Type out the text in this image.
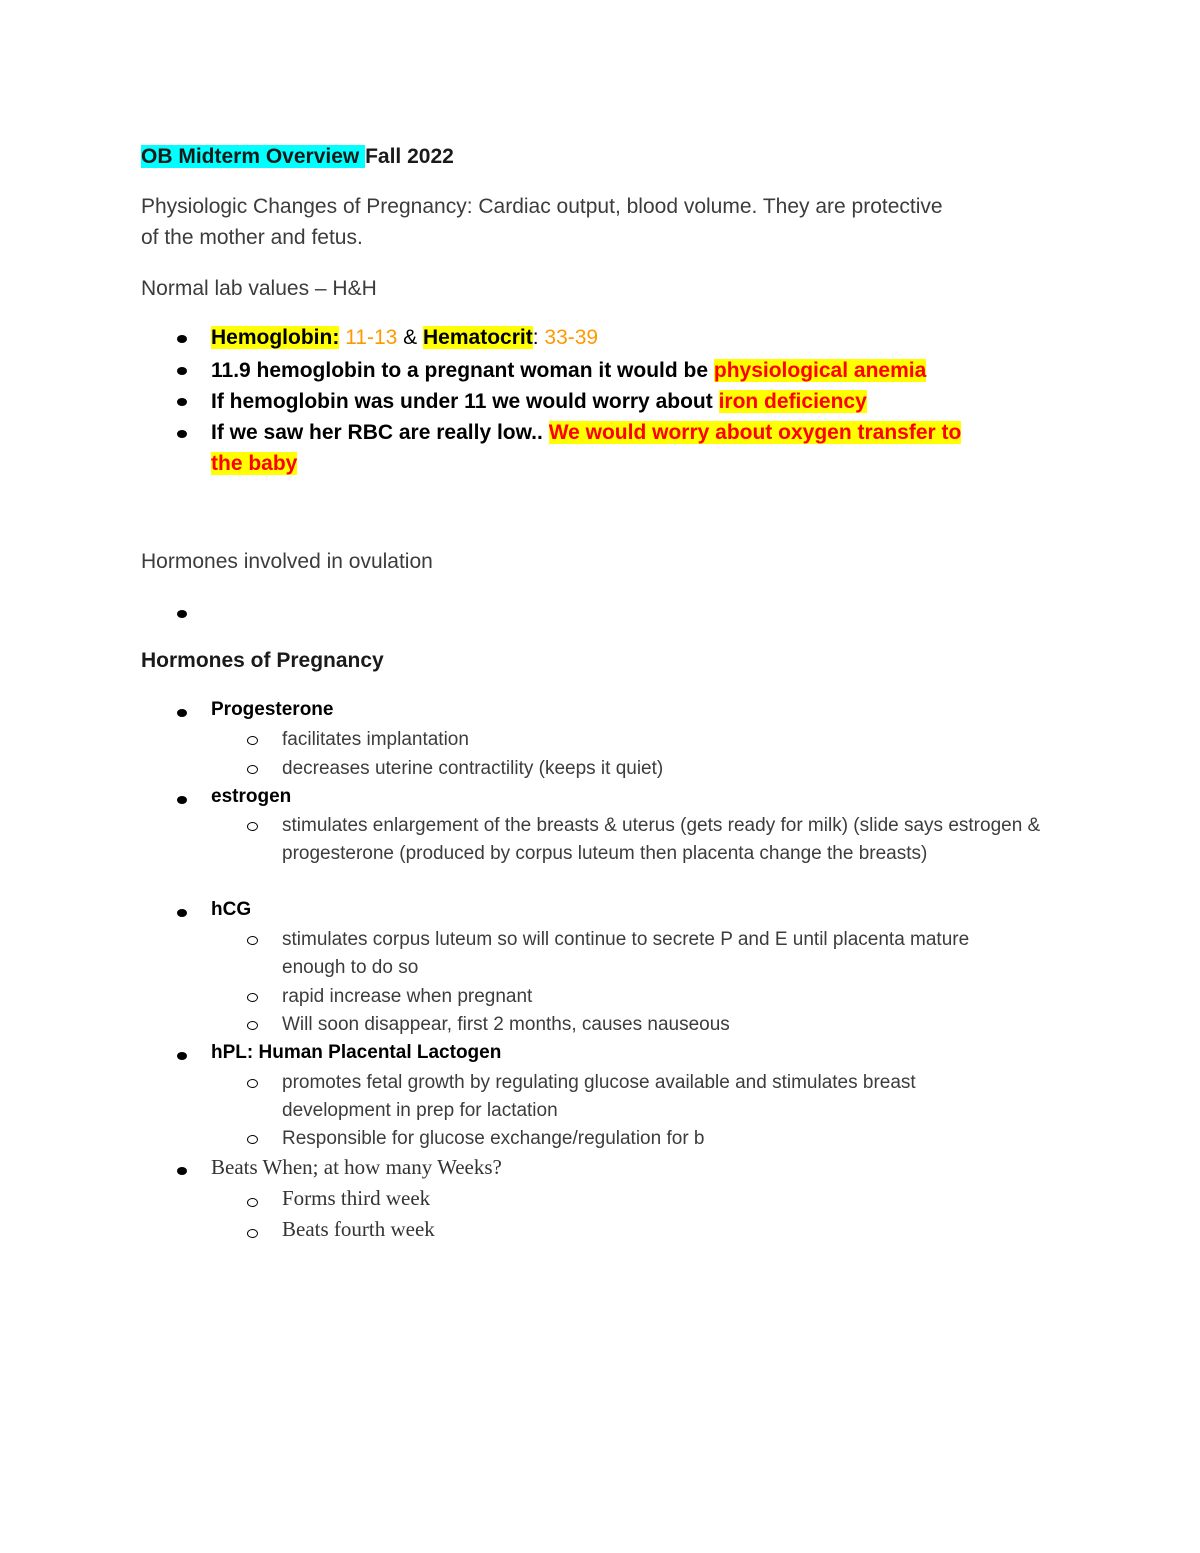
OB Midterm Overview Fall 2022
Physiologic Changes of Pregnancy: Cardiac output, blood volume. They are protective
of the mother and fetus.
Normal lab values – H&H
Hemoglobin: 11-13 & Hematocrit: 33-39
11.9 hemoglobin to a pregnant woman it would be physiological anemia
If hemoglobin was under 11 we would worry about iron deficiency
If we saw her RBC are really low.. We would worry about oxygen transfer to
the baby
Hormones involved in ovulation
Hormones of Pregnancy
Progesterone
facilitates implantation
decreases uterine contractility (keeps it quiet)
estrogen
stimulates enlargement of the breasts & uterus (gets ready for milk) (slide says estrogen & progesterone (produced by corpus luteum then placenta change the breasts)
hCG
stimulates corpus luteum so will continue to secrete P and E until placenta mature enough to do so
rapid increase when pregnant
Will soon disappear, first 2 months, causes nauseous
hPL: Human Placental Lactogen
promotes fetal growth by regulating glucose available and stimulates breast development in prep for lactation
Responsible for glucose exchange/regulation for b
Beats When; at how many Weeks?
Forms third week
Beats fourth week
